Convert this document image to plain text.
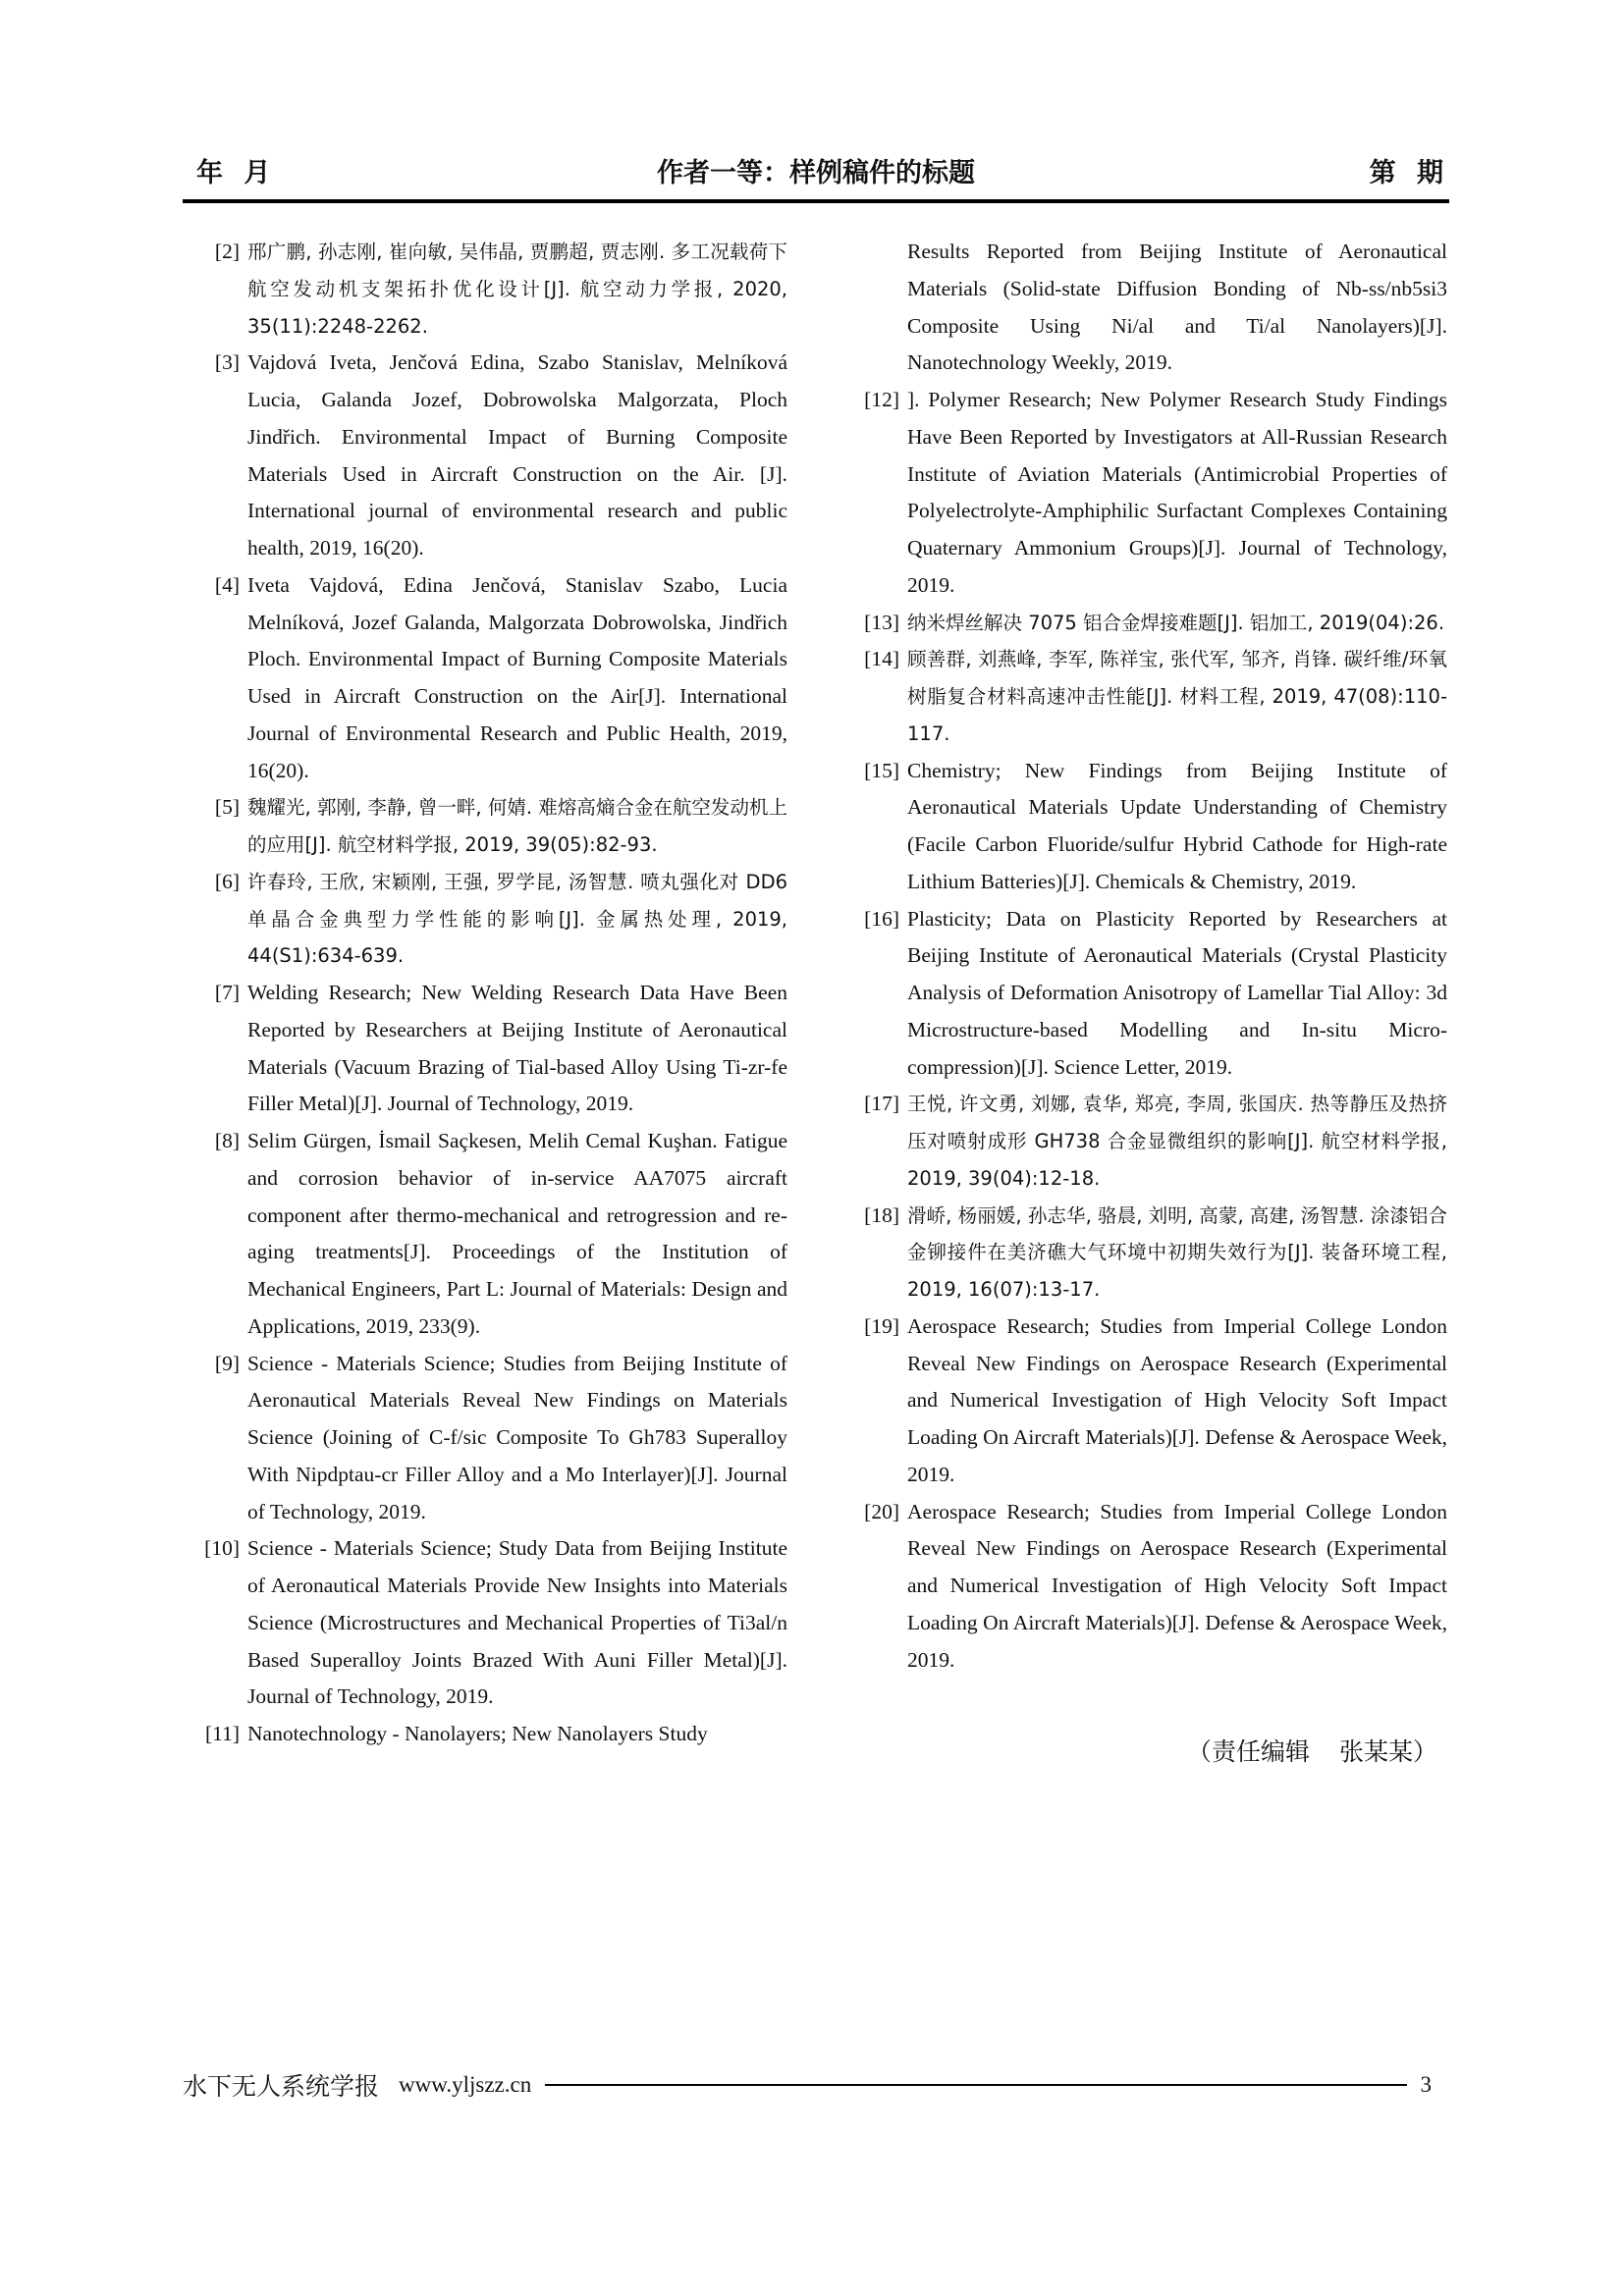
年 月	作者一等：样例稿件的标题	第 期
[2] 邢广鹏, 孙志刚, 崔向敏, 吴伟晶, 贾鹏超, 贾志刚. 多工况载荷下航空发动机支架拓扑优化设计[J]. 航空动力学报, 2020, 35(11):2248-2262.
[3] Vajdová Iveta, Jenčová Edina, Szabo Stanislav, Melníková Lucia, Galanda Jozef, Dobrowolska Malgorzata, Ploch Jindřich. Environmental Impact of Burning Composite Materials Used in Aircraft Construction on the Air. [J]. International journal of environmental research and public health, 2019, 16(20).
[4] Iveta Vajdová, Edina Jenčová, Stanislav Szabo, Lucia Melníková, Jozef Galanda, Malgorzata Dobrowolska, Jindřich Ploch. Environmental Impact of Burning Composite Materials Used in Aircraft Construction on the Air[J]. International Journal of Environmental Research and Public Health, 2019, 16(20).
[5] 魏耀光, 郭刚, 李静, 曾一畔, 何婧. 难熔高熵合金在航空发动机上的应用[J]. 航空材料学报, 2019, 39(05):82-93.
[6] 许春玲, 王欣, 宋颖刚, 王强, 罗学昆, 汤智慧. 喷丸强化对 DD6 单晶合金典型力学性能的影响[J]. 金属热处理, 2019, 44(S1):634-639.
[7] Welding Research; New Welding Research Data Have Been Reported by Researchers at Beijing Institute of Aeronautical Materials (Vacuum Brazing of Tial-based Alloy Using Ti-zr-fe Filler Metal)[J]. Journal of Technology, 2019.
[8] Selim Gürgen, İsmail Saçkesen, Melih Cemal Kuşhan. Fatigue and corrosion behavior of in-service AA7075 aircraft component after thermo-mechanical and retrogression and re-aging treatments[J]. Proceedings of the Institution of Mechanical Engineers, Part L: Journal of Materials: Design and Applications, 2019, 233(9).
[9] Science - Materials Science; Studies from Beijing Institute of Aeronautical Materials Reveal New Findings on Materials Science (Joining of C-f/sic Composite To Gh783 Superalloy With Nipdptau-cr Filler Alloy and a Mo Interlayer)[J]. Journal of Technology, 2019.
[10] Science - Materials Science; Study Data from Beijing Institute of Aeronautical Materials Provide New Insights into Materials Science (Microstructures and Mechanical Properties of Ti3al/n Based Superalloy Joints Brazed With Auni Filler Metal)[J]. Journal of Technology, 2019.
[11] Nanotechnology - Nanolayers; New Nanolayers Study
Results Reported from Beijing Institute of Aeronautical Materials (Solid-state Diffusion Bonding of Nb-ss/nb5si3 Composite Using Ni/al and Ti/al Nanolayers)[J]. Nanotechnology Weekly, 2019.
[12] ]. Polymer Research; New Polymer Research Study Findings Have Been Reported by Investigators at All-Russian Research Institute of Aviation Materials (Antimicrobial Properties of Polyelectrolyte-Amphiphilic Surfactant Complexes Containing Quaternary Ammonium Groups)[J]. Journal of Technology, 2019.
[13] 纳米焊丝解决 7075 铝合金焊接难题[J]. 铝加工, 2019(04):26.
[14] 顾善群, 刘燕峰, 李军, 陈祥宝, 张代军, 邹齐, 肖锋. 碳纤维/环氧树脂复合材料高速冲击性能[J]. 材料工程, 2019, 47(08):110-117.
[15] Chemistry; New Findings from Beijing Institute of Aeronautical Materials Update Understanding of Chemistry (Facile Carbon Fluoride/sulfur Hybrid Cathode for High-rate Lithium Batteries)[J]. Chemicals & Chemistry, 2019.
[16] Plasticity; Data on Plasticity Reported by Researchers at Beijing Institute of Aeronautical Materials (Crystal Plasticity Analysis of Deformation Anisotropy of Lamellar Tial Alloy: 3d Microstructure-based Modelling and In-situ Micro-compression)[J]. Science Letter, 2019.
[17] 王悦, 许文勇, 刘娜, 袁华, 郑亮, 李周, 张国庆. 热等静压及热挤压对喷射成形 GH738 合金显微组织的影响[J]. 航空材料学报, 2019, 39(04):12-18.
[18] 滑峤, 杨丽媛, 孙志华, 骆晨, 刘明, 高蒙, 高建, 汤智慧. 涂漆铝合金铆接件在美济礁大气环境中初期失效行为[J]. 装备环境工程, 2019, 16(07):13-17.
[19] Aerospace Research; Studies from Imperial College London Reveal New Findings on Aerospace Research (Experimental and Numerical Investigation of High Velocity Soft Impact Loading On Aircraft Materials)[J]. Defense & Aerospace Week, 2019.
[20] Aerospace Research; Studies from Imperial College London Reveal New Findings on Aerospace Research (Experimental and Numerical Investigation of High Velocity Soft Impact Loading On Aircraft Materials)[J]. Defense & Aerospace Week, 2019.
（责任编辑 张某某）
水下无人系统学报 www.yljszz.cn	3
